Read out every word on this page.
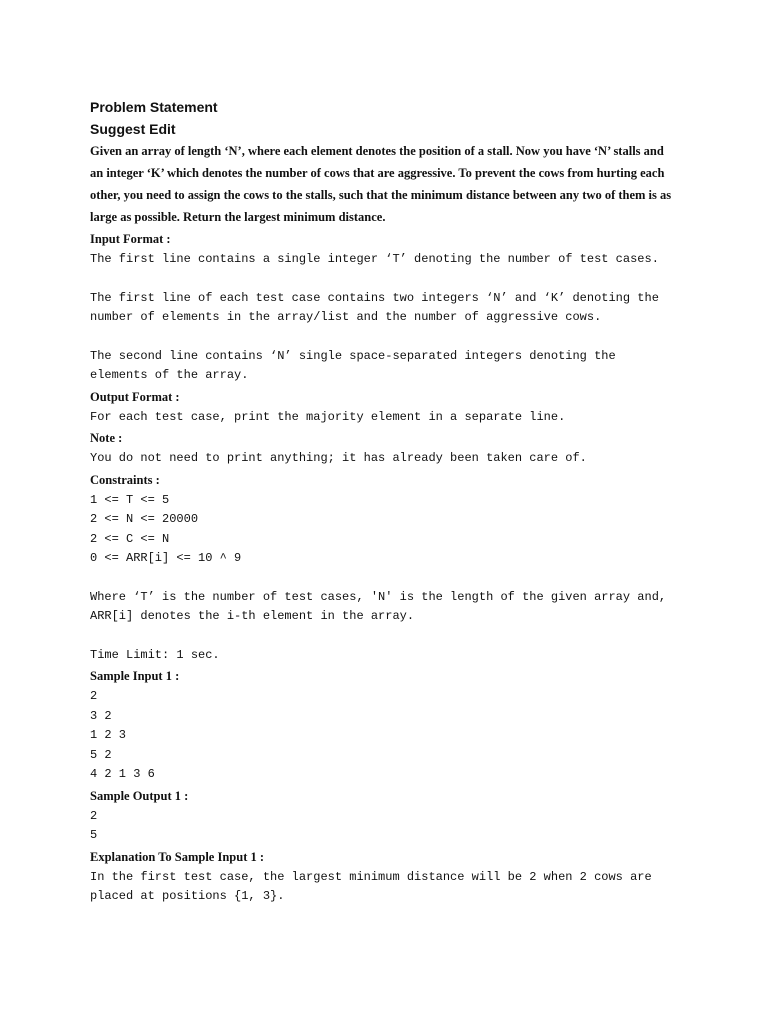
Problem Statement

Suggest Edit

Given an array of length ‘N’, where each element denotes the position of a stall. Now you have ‘N’ stalls and an integer ‘K’ which denotes the number of cows that are aggressive. To prevent the cows from hurting each other, you need to assign the cows to the stalls, such that the minimum distance between any two of them is as large as possible. Return the largest minimum distance.

Input Format :

The first line contains a single integer ‘T’ denoting the number of test cases.

The first line of each test case contains two integers ‘N’ and ‘K’ denoting the number of elements in the array/list and the number of aggressive cows.

The second line contains ‘N’ single space-separated integers denoting the elements of the array.

Output Format :

For each test case, print the majority element in a separate line.

Note :

You do not need to print anything; it has already been taken care of.

Constraints :

1 <= T <= 5

2 <= N <= 20000

2 <= C <= N

0 <= ARR[i] <= 10 ^ 9

Where ‘T’ is the number of test cases, 'N' is the length of the given array and, ARR[i] denotes the i-th element in the array.

Time Limit: 1 sec.

Sample Input 1 :

2

3 2

1 2 3

5 2

4 2 1 3 6

Sample Output 1 :

2

5

Explanation To Sample Input 1 :

In the first test case, the largest minimum distance will be 2 when 2 cows are placed at positions {1, 3}.
